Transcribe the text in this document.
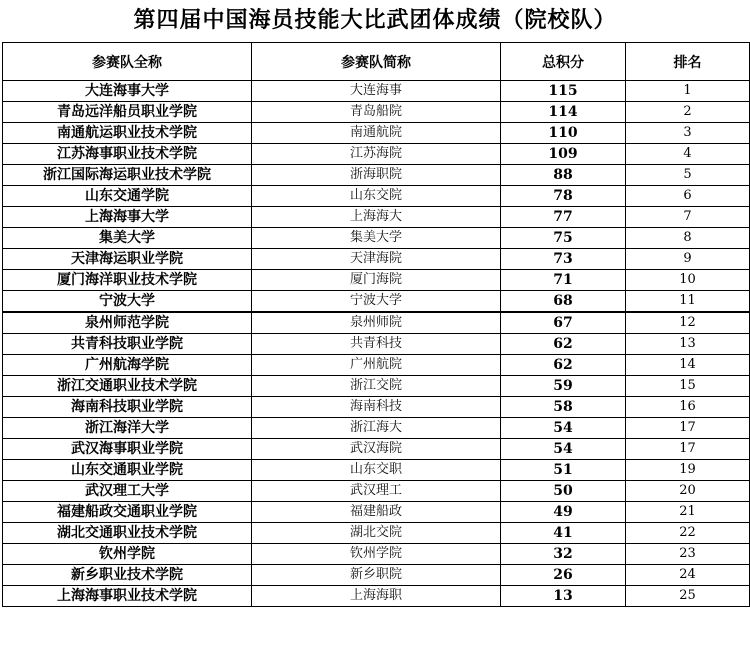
第四届中国海员技能大比武团体成绩（院校队）
参赛队全称	参赛队简称	总积分	排名
大连海事大学	大连海事	115	1
青岛远洋船员职业学院	青岛船院	114	2
南通航运职业技术学院	南通航院	110	3
江苏海事职业技术学院	江苏海院	109	4
浙江国际海运职业技术学院	浙海职院	88	5
山东交通学院	山东交院	78	6
上海海事大学	上海海大	77	7
集美大学	集美大学	75	8
天津海运职业学院	天津海院	73	9
厦门海洋职业技术学院	厦门海院	71	10
宁波大学	宁波大学	68	11
泉州师范学院	泉州师院	67	12
共青科技职业学院	共青科技	62	13
广州航海学院	广州航院	62	14
浙江交通职业技术学院	浙江交院	59	15
海南科技职业学院	海南科技	58	16
浙江海洋大学	浙江海大	54	17
武汉海事职业学院	武汉海院	54	17
山东交通职业学院	山东交职	51	19
武汉理工大学	武汉理工	50	20
福建船政交通职业学院	福建船政	49	21
湖北交通职业技术学院	湖北交院	41	22
钦州学院	钦州学院	32	23
新乡职业技术学院	新乡职院	26	24
上海海事职业技术学院	上海海职	13	25
